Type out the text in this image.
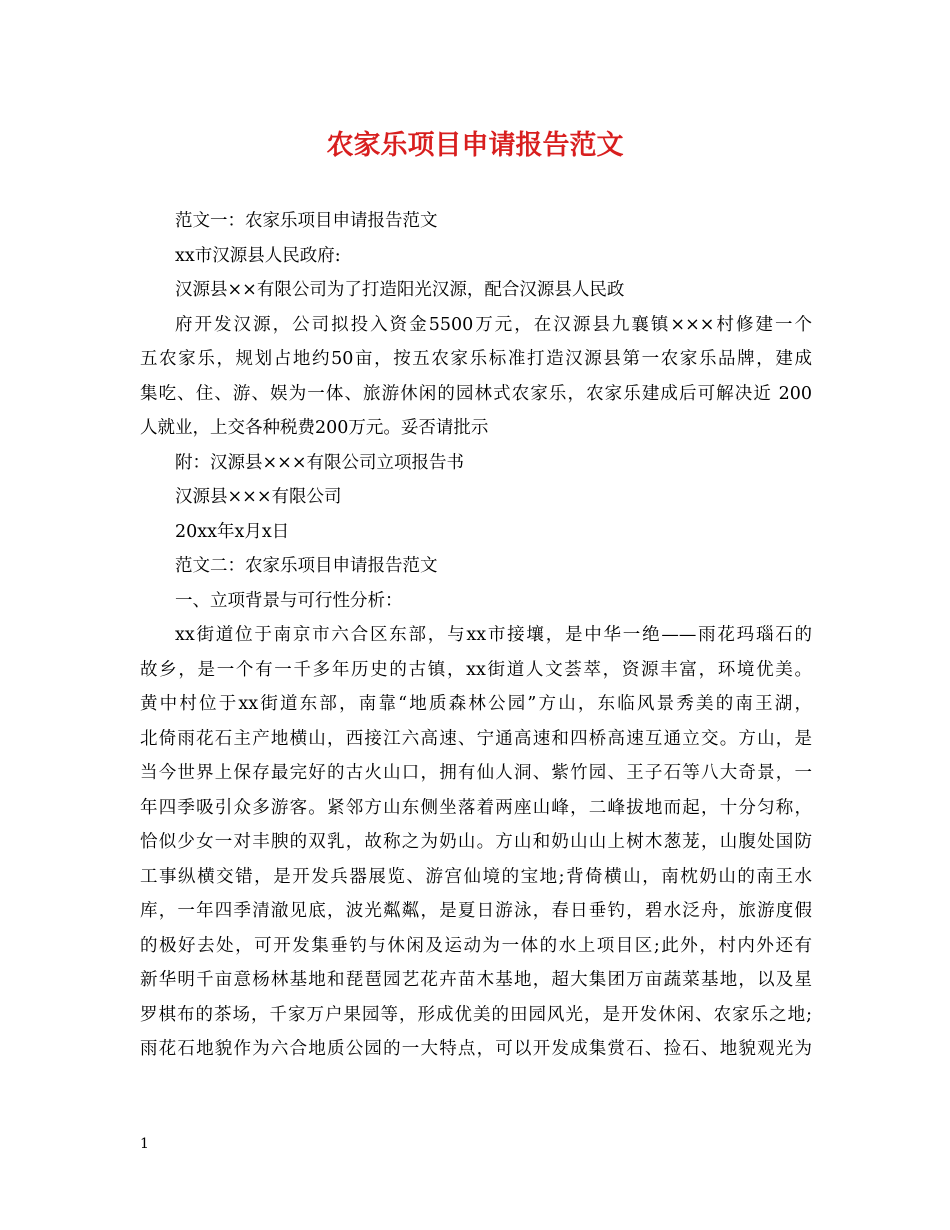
农家乐项目申请报告范文
范文一：农家乐项目申请报告范文
xx市汉源县人民政府:
汉源县××有限公司为了打造阳光汉源，配合汉源县人民政
府开发汉源，公司拟投入资金5500万元，在汉源县九襄镇×××村修建一个
五农家乐，规划占地约50亩，按五农家乐标准打造汉源县第一农家乐品牌，建成
集吃、住、游、娱为一体、旅游休闲的园林式农家乐，农家乐建成后可解决近 200
人就业，上交各种税费200万元。妥否请批示
附：汉源县×××有限公司立项报告书
汉源县×××有限公司
20xx年x月x日
范文二：农家乐项目申请报告范文
一、立项背景与可行性分析：
xx街道位于南京市六合区东部，与xx市接壤，是中华一绝——雨花玛瑙石的
故乡，是一个有一千多年历史的古镇，xx街道人文荟萃，资源丰富，环境优美。
黄中村位于xx街道东部，南靠“地质森林公园”方山，东临风景秀美的南王湖，
北倚雨花石主产地横山，西接江六高速、宁通高速和四桥高速互通立交。方山，是
当今世界上保存最完好的古火山口，拥有仙人洞、紫竹园、王子石等八大奇景，一
年四季吸引众多游客。紧邻方山东侧坐落着两座山峰，二峰拔地而起，十分匀称，
恰似少女一对丰腴的双乳，故称之为奶山。方山和奶山山上树木葱茏，山腹处国防
工事纵横交错，是开发兵器展览、游宫仙境的宝地;背倚横山，南枕奶山的南王水
库，一年四季清澈见底，波光粼粼，是夏日游泳，春日垂钓，碧水泛舟，旅游度假
的极好去处，可开发集垂钓与休闲及运动为一体的水上项目区;此外，村内外还有
新华明千亩意杨林基地和琵琶园艺花卉苗木基地，超大集团万亩蔬菜基地，以及星
罗棋布的茶场，千家万户果园等，形成优美的田园风光，是开发休闲、农家乐之地;
雨花石地貌作为六合地质公园的一大特点，可以开发成集赏石、捡石、地貌观光为
1
